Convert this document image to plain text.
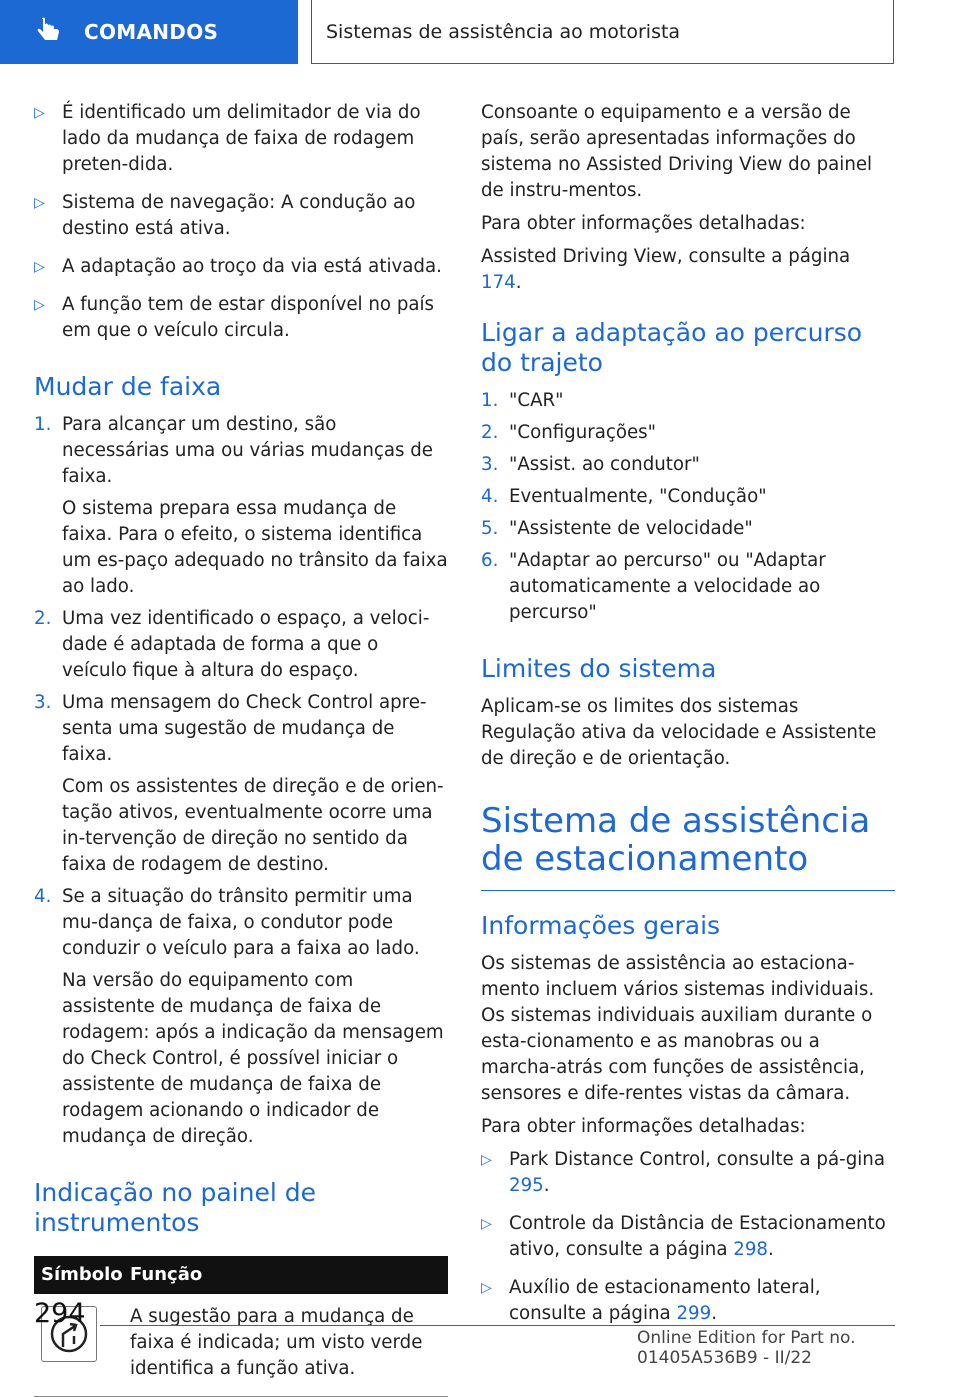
COMANDOS	Sistemas de assistência ao motorista
▷ É identificado um delimitador de via do lado da mudança de faixa de rodagem preten-dida.
▷ Sistema de navegação: A condução ao destino está ativa.
▷ A adaptação ao troço da via está ativada.
▷ A função tem de estar disponível no país em que o veículo circula.
Mudar de faixa
1. Para alcançar um destino, são necessárias uma ou várias mudanças de faixa.
O sistema prepara essa mudança de faixa. Para o efeito, o sistema identifica um es-paço adequado no trânsito da faixa ao lado.
2. Uma vez identificado o espaço, a veloci-dade é adaptada de forma a que o veículo fique à altura do espaço.
3. Uma mensagem do Check Control apre-senta uma sugestão de mudança de faixa.
Com os assistentes de direção e de orien-tação ativos, eventualmente ocorre uma in-tervenção de direção no sentido da faixa de rodagem de destino.
4. Se a situação do trânsito permitir uma mu-dança de faixa, o condutor pode conduzir o veículo para a faixa ao lado.
Na versão do equipamento com assistente de mudança de faixa de rodagem: após a indicação da mensagem do Check Control, é possível iniciar o assistente de mudança de faixa de rodagem acionando o indicador de mudança de direção.
Indicação no painel de instrumentos
Símbolo	Função

	A sugestão para a mudança de faixa é indicada; um visto verde identifica a função ativa.

Consoante o equipamento e a versão de país, serão apresentadas informações do sistema no Assisted Driving View do painel de instru-mentos.

Para obter informações detalhadas:

Assisted Driving View, consulte a página 174.

Ligar a adaptação ao percurso do trajeto
1. "CAR"
2. "Configurações"
3. "Assist. ao condutor"
4. Eventualmente, "Condução"
5. "Assistente de velocidade"
6. "Adaptar ao percurso" ou "Adaptar automaticamente a velocidade ao percurso"
Limites do sistema

Aplicam-se os limites dos sistemas Regulação ativa da velocidade e Assistente de direção e de orientação.

Sistema de assistência de estacionamento
Informações gerais

Os sistemas de assistência ao estaciona-mento incluem vários sistemas individuais. Os sistemas individuais auxiliam durante o esta-cionamento e as manobras ou a marcha-atrás com funções de assistência, sensores e dife-rentes vistas da câmara.

Para obter informações detalhadas:

▷ Park Distance Control, consulte a pá-gina 295.
▷ Controle da Distância de Estacionamento ativo, consulte a página 298.
▷ Auxílio de estacionamento lateral, consulte a página 299.
294
Online Edition for Part no. 01405A536B9 - II/22
